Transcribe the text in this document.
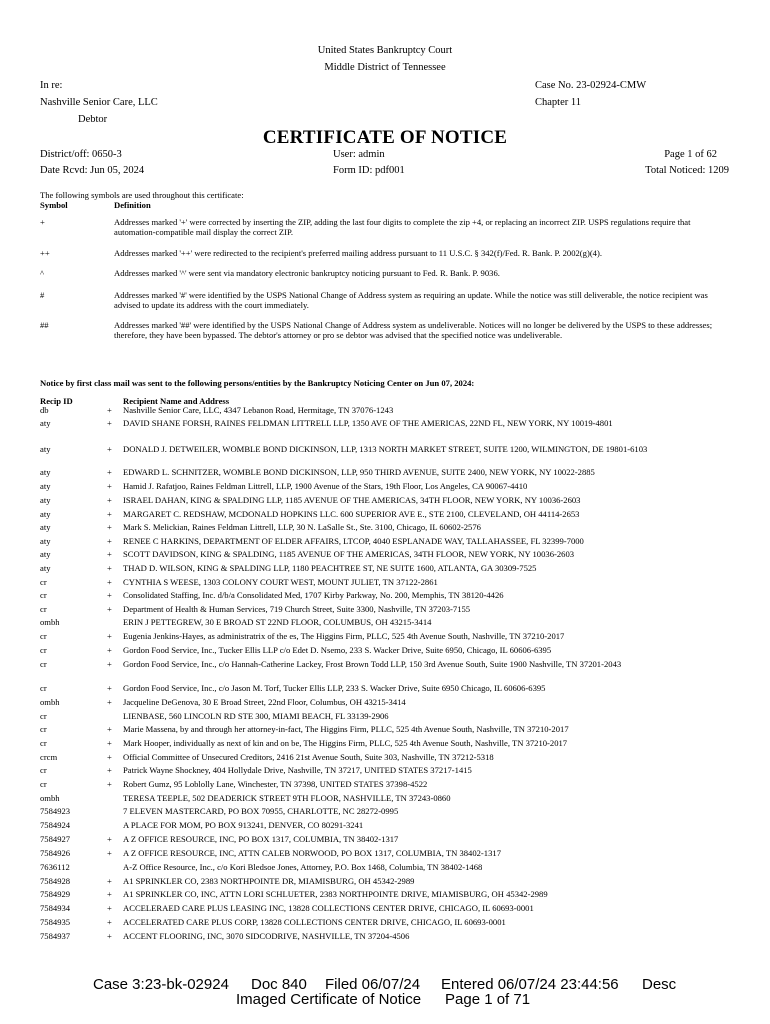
United States Bankruptcy Court
Middle District of Tennessee
In re:	Case No. 23-02924-CMW
Nashville Senior Care, LLC	Chapter 11
Debtor
CERTIFICATE OF NOTICE
District/off: 0650-3	User: admin	Page 1 of 62
Date Rcvd: Jun 05, 2024	Form ID: pdf001	Total Noticed: 1209
The following symbols are used throughout this certificate:
Symbol	Definition
+	Addresses marked '+' were corrected by inserting the ZIP, adding the last four digits to complete the zip +4, or replacing an incorrect ZIP. USPS regulations require that automation-compatible mail display the correct ZIP.
++	Addresses marked '++' were redirected to the recipient's preferred mailing address pursuant to 11 U.S.C. § 342(f)/Fed. R. Bank. P. 2002(g)(4).
^	Addresses marked '^' were sent via mandatory electronic bankruptcy noticing pursuant to Fed. R. Bank. P. 9036.
#	Addresses marked '#' were identified by the USPS National Change of Address system as requiring an update. While the notice was still deliverable, the notice recipient was advised to update its address with the court immediately.
##	Addresses marked '##' were identified by the USPS National Change of Address system as undeliverable. Notices will no longer be delivered by the USPS to these addresses; therefore, they have been bypassed. The debtor's attorney or pro se debtor was advised that the specified notice was undeliverable.
Notice by first class mail was sent to the following persons/entities by the Bankruptcy Noticing Center on Jun 07, 2024:
Recip ID	Recipient Name and Address
db	+ Nashville Senior Care, LLC, 4347 Lebanon Road, Hermitage, TN 37076-1243
aty	+ DAVID SHANE FORSH, RAINES FELDMAN LITTRELL LLP, 1350 AVE OF THE AMERICAS, 22ND FL, NEW YORK, NY 10019-4801
aty	+ DONALD J. DETWEILER, WOMBLE BOND DICKINSON, LLP, 1313 NORTH MARKET STREET, SUITE 1200, WILMINGTON, DE 19801-6103
aty	+ EDWARD L. SCHNITZER, WOMBLE BOND DICKINSON, LLP, 950 THIRD AVENUE, SUITE 2400, NEW YORK, NY 10022-2885
aty	+ Hamid J. Rafatjoo, Raines Feldman Littrell, LLP, 1900 Avenue of the Stars, 19th Floor, Los Angeles, CA 90067-4410
aty	+ ISRAEL DAHAN, KING & SPALDING LLP, 1185 AVENUE OF THE AMERICAS, 34TH FLOOR, NEW YORK, NY 10036-2603
aty	+ MARGARET C. REDSHAW, MCDONALD HOPKINS LLC. 600 SUPERIOR AVE E., STE 2100, CLEVELAND, OH 44114-2653
aty	+ Mark S. Melickian, Raines Feldman Littrell, LLP, 30 N. LaSalle St., Ste. 3100, Chicago, IL 60602-2576
aty	+ RENEE C HARKINS, DEPARTMENT OF ELDER AFFAIRS, LTCOP, 4040 ESPLANADE WAY, TALLAHASSEE, FL 32399-7000
aty	+ SCOTT DAVIDSON, KING & SPALDING, 1185 AVENUE OF THE AMERICAS, 34TH FLOOR, NEW YORK, NY 10036-2603
aty	+ THAD D. WILSON, KING & SPALDING LLP, 1180 PEACHTREE ST, NE SUITE 1600, ATLANTA, GA 30309-7525
cr	+ CYNTHIA S WEESE, 1303 COLONY COURT WEST, MOUNT JULIET, TN 37122-2861
cr	+ Consolidated Staffing, Inc. d/b/a Consolidated Med, 1707 Kirby Parkway, No. 200, Memphis, TN 38120-4426
cr	+ Department of Health & Human Services, 719 Church Street, Suite 3300, Nashville, TN 37203-7155
ombh	ERIN J PETTEGREW, 30 E BROAD ST 22ND FLOOR, COLUMBUS, OH 43215-3414
cr	+ Eugenia Jenkins-Hayes, as administratrix of the es, The Higgins Firm, PLLC, 525 4th Avenue South, Nashville, TN 37210-2017
cr	+ Gordon Food Service, Inc., Tucker Ellis LLP c/o Edet D. Nsemo, 233 S. Wacker Drive, Suite 6950, Chicago, IL 60606-6395
cr	+ Gordon Food Service, Inc., c/o Hannah-Catherine Lackey, Frost Brown Todd LLP, 150 3rd Avenue South, Suite 1900 Nashville, TN 37201-2043
cr	+ Gordon Food Service, Inc., c/o Jason M. Torf, Tucker Ellis LLP, 233 S. Wacker Drive, Suite 6950 Chicago, IL 60606-6395
ombh	+ Jacqueline DeGenova, 30 E Broad Street, 22nd Floor, Columbus, OH 43215-3414
cr	LIENBASE, 560 LINCOLN RD STE 300, MIAMI BEACH, FL 33139-2906
cr	+ Marie Massena, by and through her attorney-in-fact, The Higgins Firm, PLLC, 525 4th Avenue South, Nashville, TN 37210-2017
cr	+ Mark Hooper, individually as next of kin and on be, The Higgins Firm, PLLC, 525 4th Avenue South, Nashville, TN 37210-2017
crcm	+ Official Committee of Unsecured Creditors, 2416 21st Avenue South, Suite 303, Nashville, TN 37212-5318
cr	+ Patrick Wayne Shockney, 404 Hollydale Drive, Nashville, TN 37217, UNITED STATES 37217-1415
cr	+ Robert Gumz, 95 Loblolly Lane, Winchester, TN 37398, UNITED STATES 37398-4522
ombh	TERESA TEEPLE, 502 DEADERICK STREET 9TH FLOOR, NASHVILLE, TN 37243-0860
7584923	7 ELEVEN MASTERCARD, PO BOX 70955, CHARLOTTE, NC 28272-0995
7584924	A PLACE FOR MOM, PO BOX 913241, DENVER, CO 80291-3241
7584927	+ A Z OFFICE RESOURCE, INC, PO BOX 1317, COLUMBIA, TN 38402-1317
7584926	+ A Z OFFICE RESOURCE, INC, ATTN CALEB NORWOOD, PO BOX 1317, COLUMBIA, TN 38402-1317
7636112	A-Z Office Resource, Inc., c/o Kori Bledsoe Jones, Attorney, P.O. Box 1468, Columbia, TN 38402-1468
7584928	+ A1 SPRINKLER CO, 2383 NORTHPOINTE DR, MIAMISBURG, OH 45342-2989
7584929	+ A1 SPRINKLER CO, INC, ATTN LORI SCHLUETER, 2383 NORTHPOINTE DRIVE, MIAMISBURG, OH 45342-2989
7584934	+ ACCELERAED CARE PLUS LEASING INC, 13828 COLLECTIONS CENTER DRIVE, CHICAGO, IL 60693-0001
7584935	+ ACCELERATED CARE PLUS CORP, 13828 COLLECTIONS CENTER DRIVE, CHICAGO, IL 60693-0001
7584937	+ ACCENT FLOORING, INC, 3070 SIDCODRIVE, NASHVILLE, TN 37204-4506
Case 3:23-bk-02924 Doc 840 Filed 06/07/24 Entered 06/07/24 23:44:56 Desc
Imaged Certificate of Notice Page 1 of 71
